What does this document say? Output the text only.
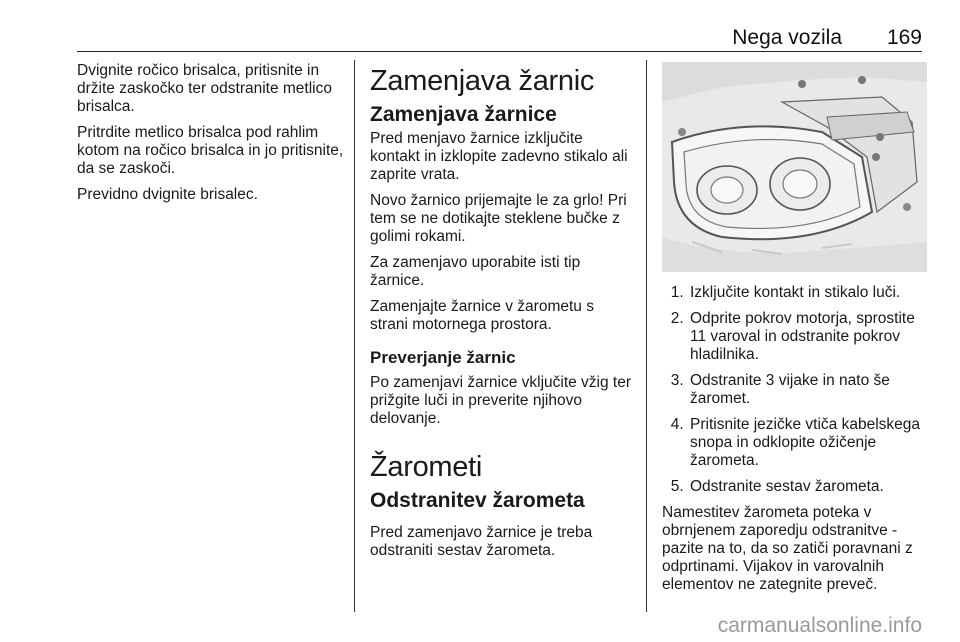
Nega vozila 169

Dvignite ročico brisalca, pritisnite in držite zaskočko ter odstranite metlico brisalca.

Pritrdite metlico brisalca pod rahlim kotom na ročico brisalca in jo pritisnite, da se zaskoči.

Previdno dvignite brisalec.

Zamenjava žarnic
Zamenjava žarnice

Pred menjavo žarnice izključite kontakt in izklopite zadevno stikalo ali zaprite vrata.

Novo žarnico prijemajte le za grlo! Pri tem se ne dotikajte steklene bučke z golimi rokami.

Za zamenjavo uporabite isti tip žarnice.

Zamenjajte žarnice v žarometu s strani motornega prostora.

Preverjanje žarnic

Po zamenjavi žarnice vključite vžig ter prižgite luči in preverite njihovo delovanje.

Žarometi
Odstranitev žarometa

Pred zamenjavo žarnice je treba odstraniti sestav žarometa.

1. Izključite kontakt in stikalo luči.
2. Odprite pokrov motorja, sprostite 11 varoval in odstranite pokrov hladilnika.
3. Odstranite 3 vijake in nato še žaromet.
4. Pritisnite jezičke vtiča kabelskega snopa in odklopite ožičenje žarometa.
5. Odstranite sestav žarometa.

Namestitev žarometa poteka v obrnjenem zaporedju odstranitve - pazite na to, da so zatiči poravnani z odprtinami. Vijakov in varovalnih elementov ne zategnite preveč.

carmanualsonline.info
